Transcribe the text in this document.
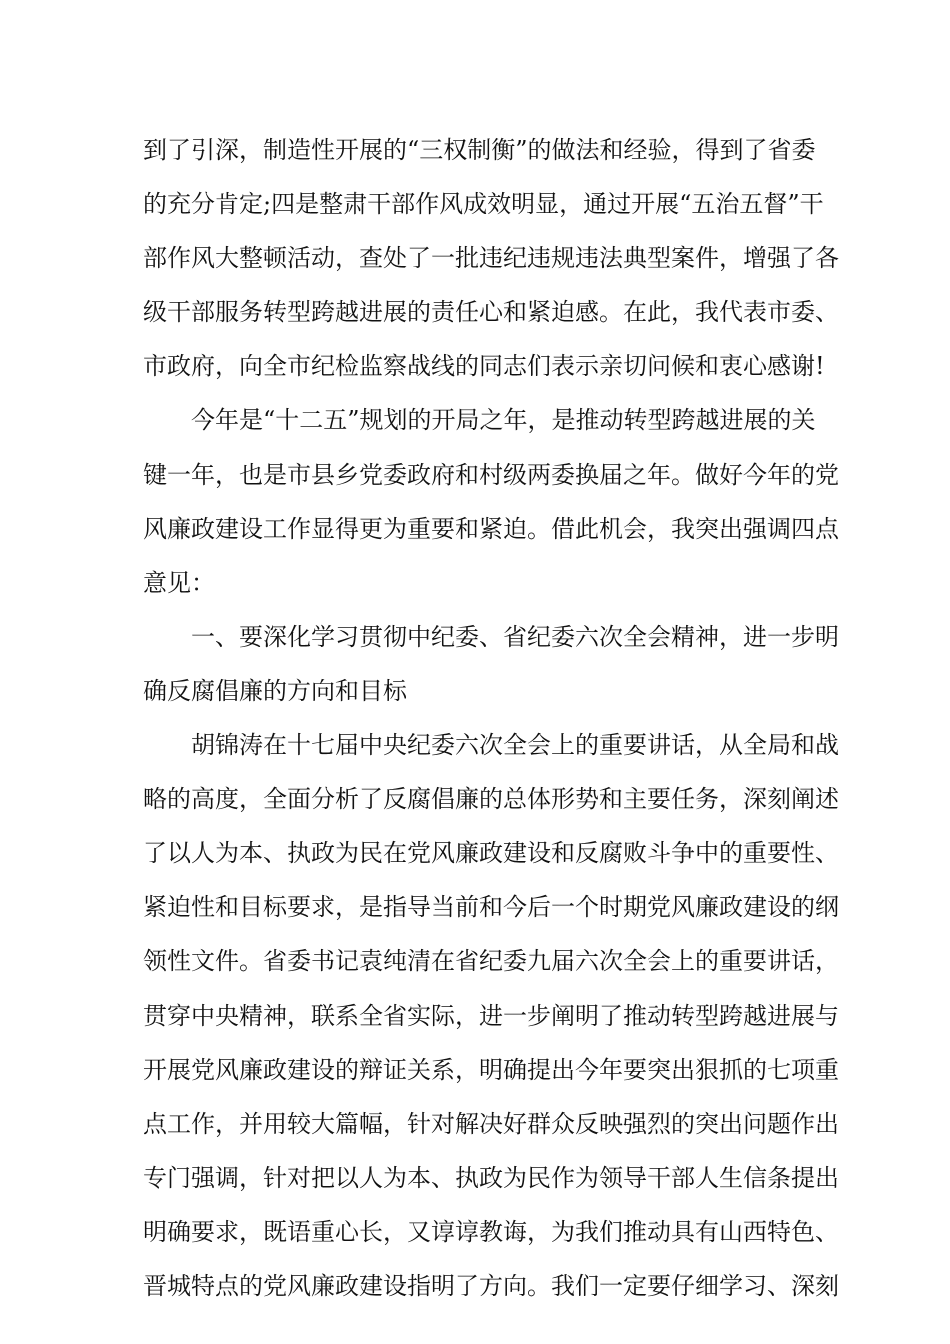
到了引深，制造性开展的“三权制衡”的做法和经验，得到了省委
的充分肯定;四是整肃干部作风成效明显，通过开展“五治五督”干
部作风大整顿活动，查处了一批违纪违规违法典型案件，增强了各
级干部服务转型跨越进展的责任心和紧迫感。在此，我代表市委、
市政府，向全市纪检监察战线的同志们表示亲切问候和衷心感谢!
今年是“十二五”规划的开局之年，是推动转型跨越进展的关
键一年，也是市县乡党委政府和村级两委换届之年。做好今年的党
风廉政建设工作显得更为重要和紧迫。借此机会，我突出强调四点
意见：
一、要深化学习贯彻中纪委、省纪委六次全会精神，进一步明
确反腐倡廉的方向和目标
胡锦涛在十七届中央纪委六次全会上的重要讲话，从全局和战
略的高度，全面分析了反腐倡廉的总体形势和主要任务，深刻阐述
了以人为本、执政为民在党风廉政建设和反腐败斗争中的重要性、
紧迫性和目标要求，是指导当前和今后一个时期党风廉政建设的纲
领性文件。省委书记袁纯清在省纪委九届六次全会上的重要讲话，
贯穿中央精神，联系全省实际，进一步阐明了推动转型跨越进展与
开展党风廉政建设的辩证关系，明确提出今年要突出狠抓的七项重
点工作，并用较大篇幅，针对解决好群众反映强烈的突出问题作出
专门强调，针对把以人为本、执政为民作为领导干部人生信条提出
明确要求，既语重心长，又谆谆教诲，为我们推动具有山西特色、
晋城特点的党风廉政建设指明了方向。我们一定要仔细学习、深刻
